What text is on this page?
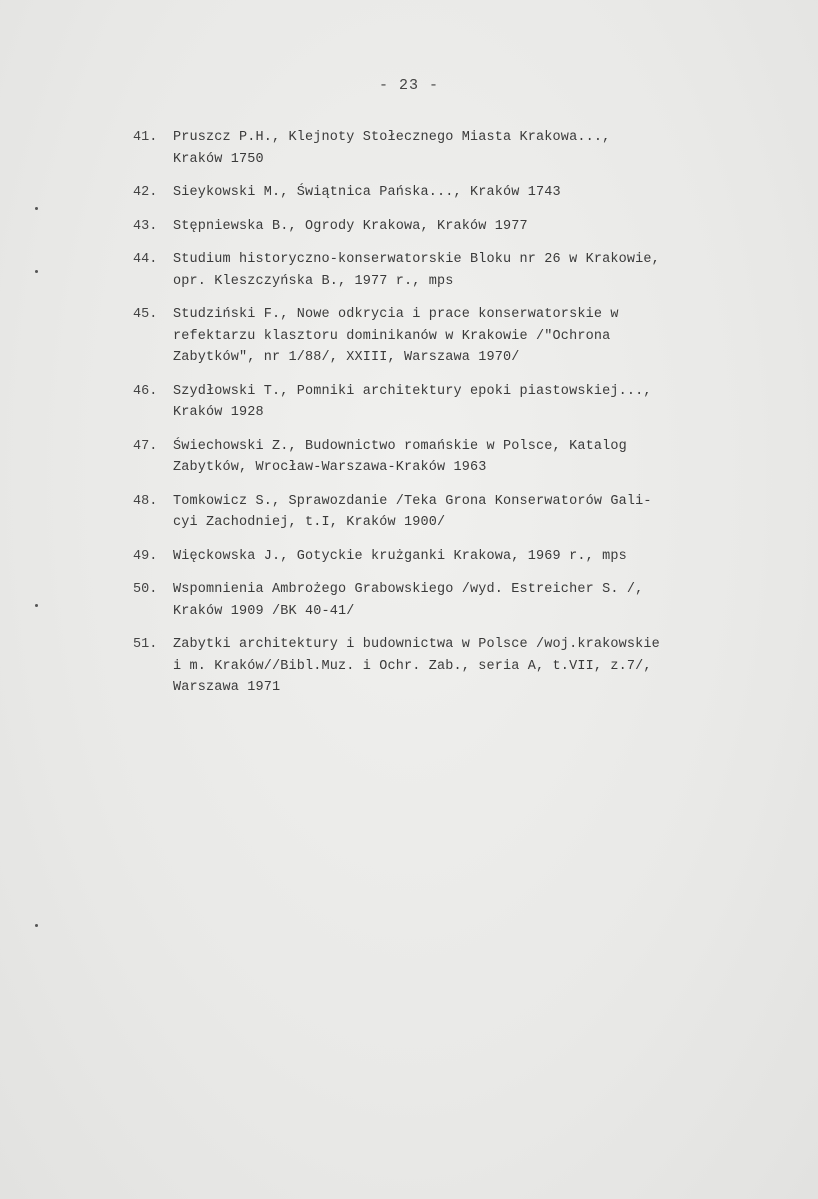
- 23 -
41.	Pruszcz P.H., Klejnoty Stołecznego Miasta Krakowa...,
Kraków 1750
42.	Sieykowski M., Świątnica Pańska..., Kraków 1743
43.	Stępniewska B., Ogrody Krakowa, Kraków 1977
44.	Studium historyczno-konserwatorskie Bloku nr 26 w Krakowie,
opr. Kleszczyńska B., 1977 r., mps
45.	Studziński F., Nowe odkrycia i prace konserwatorskie w
refektarzu klasztoru dominikanów w Krakowie /"Ochrona
Zabytków", nr 1/88/, XXIII, Warszawa 1970/
46.	Szydłowski T., Pomniki architektury epoki piastowskiej...,
Kraków 1928
47.	Świechowski Z., Budownictwo romańskie w Polsce, Katalog
Zabytków, Wrocław-Warszawa-Kraków 1963
48.	Tomkowicz S., Sprawozdanie /Teka Grona Konserwatorów Gali-
cyi Zachodniej, t.I, Kraków 1900/
49.	Więckowska J., Gotyckie krużganki Krakowa, 1969 r., mps
50.	Wspomnienia Ambrożego Grabowskiego /wyd. Estreicher S. /,
Kraków 1909 /BK 40-41/
51.	Zabytki architektury i budownictwa w Polsce /woj.krakowskie
i m. Kraków//Bibl.Muz. i Ochr. Zab., seria A, t.VII, z.7/,
Warszawa 1971
